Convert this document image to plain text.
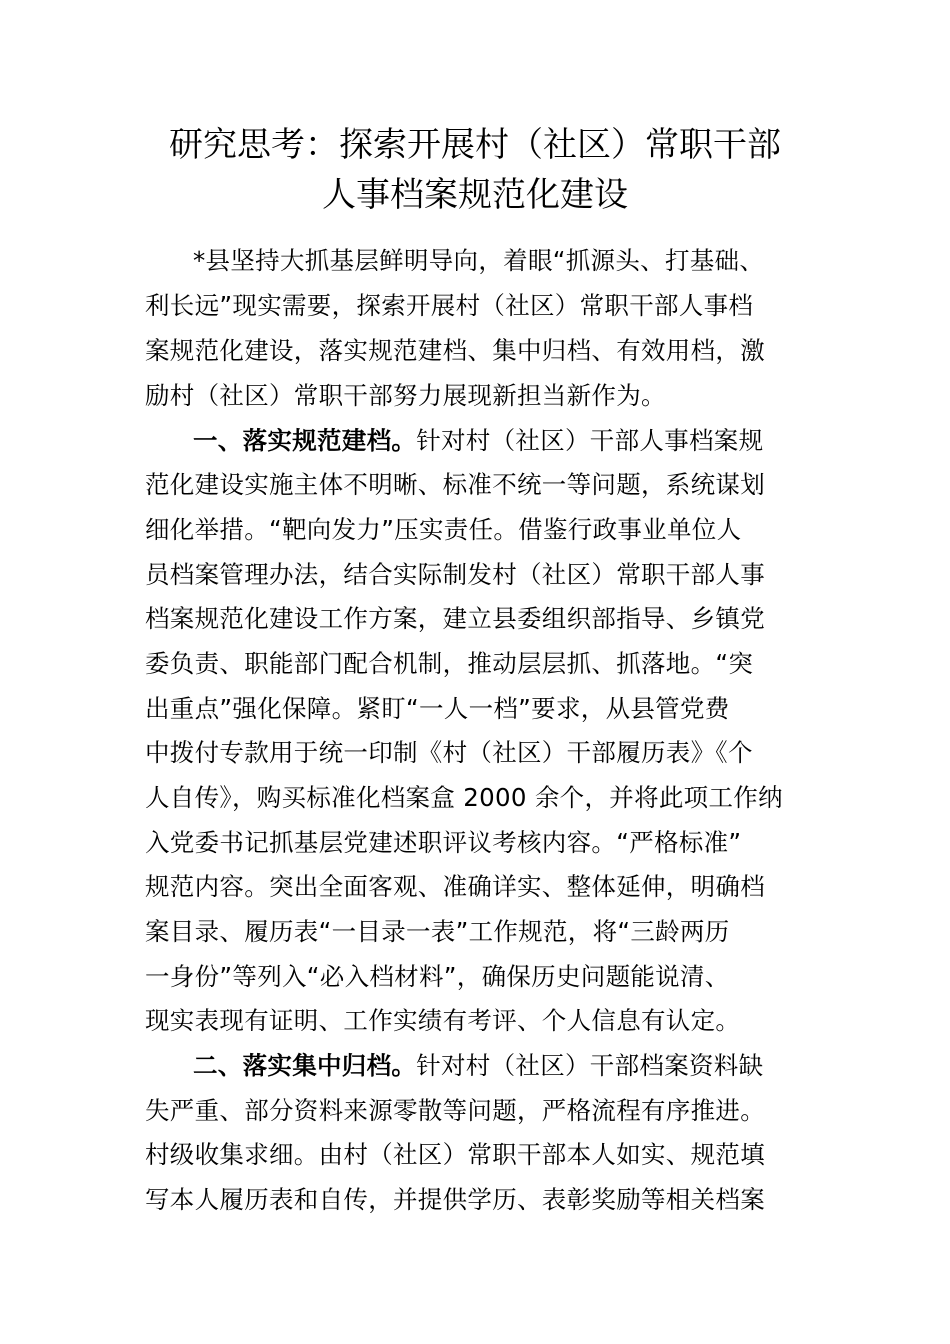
研究思考：探索开展村（社区）常职干部
人事档案规范化建设
*县坚持大抓基层鲜明导向，着眼“抓源头、打基础、
利长远”现实需要，探索开展村（社区）常职干部人事档
案规范化建设，落实规范建档、集中归档、有效用档，激
励村（社区）常职干部努力展现新担当新作为。
一、落实规范建档。针对村（社区）干部人事档案规
范化建设实施主体不明晰、标准不统一等问题，系统谋划
细化举措。“靶向发力”压实责任。借鉴行政事业单位人
员档案管理办法，结合实际制发村（社区）常职干部人事
档案规范化建设工作方案，建立县委组织部指导、乡镇党
委负责、职能部门配合机制，推动层层抓、抓落地。“突
出重点”强化保障。紧盯“一人一档”要求，从县管党费
中拨付专款用于统一印制《村（社区）干部履历表》《个
人自传》，购买标准化档案盒 2000 余个，并将此项工作纳
入党委书记抓基层党建述职评议考核内容。“严格标准”
规范内容。突出全面客观、准确详实、整体延伸，明确档
案目录、履历表“一目录一表”工作规范，将“三龄两历
一身份”等列入“必入档材料”，确保历史问题能说清、
现实表现有证明、工作实绩有考评、个人信息有认定。
二、落实集中归档。针对村（社区）干部档案资料缺
失严重、部分资料来源零散等问题，严格流程有序推进。
村级收集求细。由村（社区）常职干部本人如实、规范填
写本人履历表和自传，并提供学历、表彰奖励等相关档案
